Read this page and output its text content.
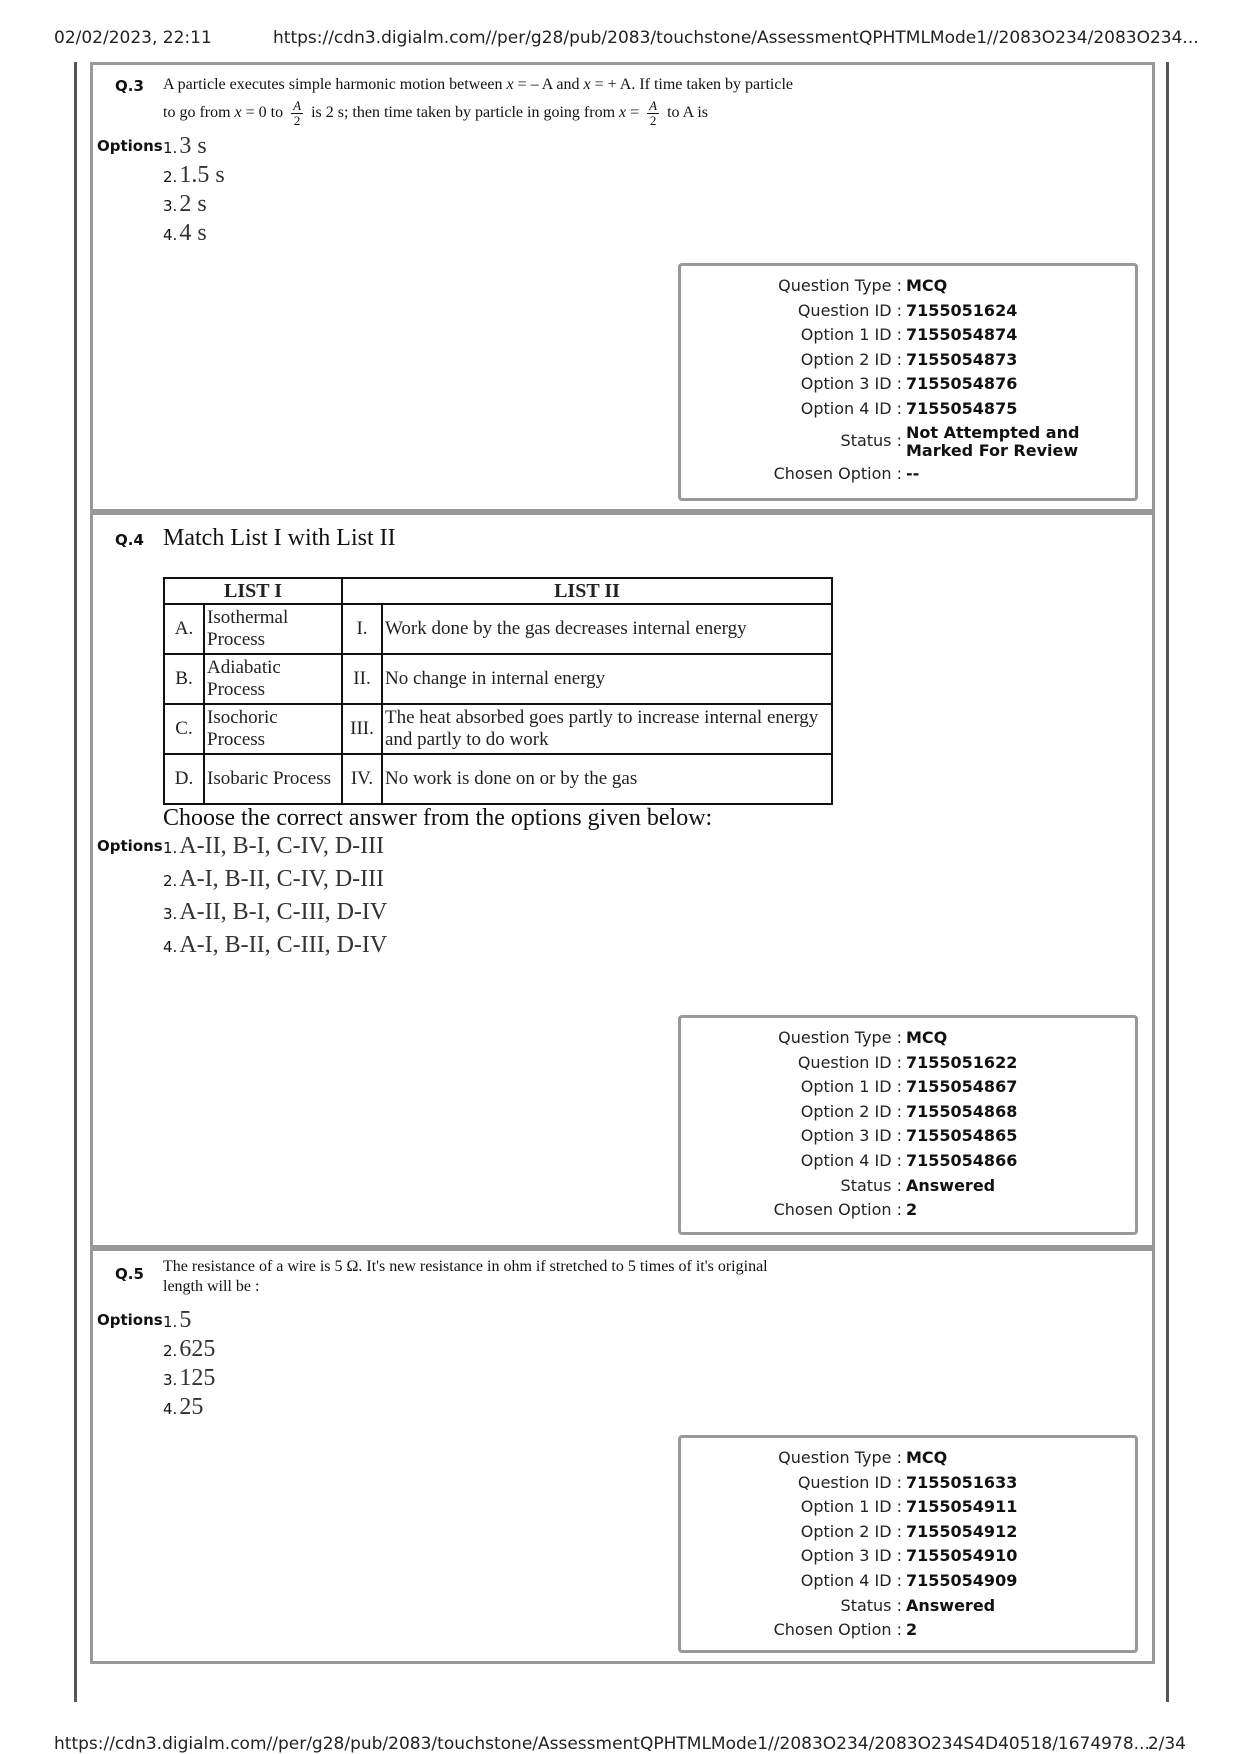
02/02/2023, 22:11	https://cdn3.digialm.com//per/g28/pub/2083/touchstone/AssessmentQPHTMLMode1//2083O234/2083O234...
Q.3 A particle executes simple harmonic motion between x = – A and x = + A. If time taken by particle
to go from x = 0 to $\frac{A}{2}$ is 2 s; then time taken by particle in going from $x = \frac{A}{2}$ to A is
Options 1. 3 s
2. 1.5 s
3. 2 s
4. 4 s
Question Type : MCQ
Question ID : 7155051624
Option 1 ID : 7155054874
Option 2 ID : 7155054873
Option 3 ID : 7155054876
Option 4 ID : 7155054875
Status : Not Attempted and
Marked For Review
Chosen Option : --
Q.4 Match List I with List II
LIST I		LIST II	
A.	Isothermal Process	I.	Work done by the gas decreases internal energy
B.	Adiabatic Process	II.	No change in internal energy
C.	Isochoric Process	III.	The heat absorbed goes partly to increase internal energy and partly to do work
D.	Isobaric Process	IV.	No work is done on or by the gas
Choose the correct answer from the options given below:
Options 1. A-II, B-I, C-IV, D-III
2. A-I, B-II, C-IV, D-III
3. A-II, B-I, C-III, D-IV
4. A-I, B-II, C-III, D-IV
Question Type : MCQ
Question ID : 7155051622
Option 1 ID : 7155054867
Option 2 ID : 7155054868
Option 3 ID : 7155054865
Option 4 ID : 7155054866
Status : Answered
Chosen Option : 2
Q.5 The resistance of a wire is 5 Ω. It's new resistance in ohm if stretched to 5 times of it's original
length will be :
Options 1. 5
2. 625
3. 125
4. 25
Question Type : MCQ
Question ID : 7155051633
Option 1 ID : 7155054911
Option 2 ID : 7155054912
Option 3 ID : 7155054910
Option 4 ID : 7155054909
Status : Answered
Chosen Option : 2
https://cdn3.digialm.com//per/g28/pub/2083/touchstone/AssessmentQPHTMLMode1//2083O234/2083O234S4D40518/1674978...
2/34
